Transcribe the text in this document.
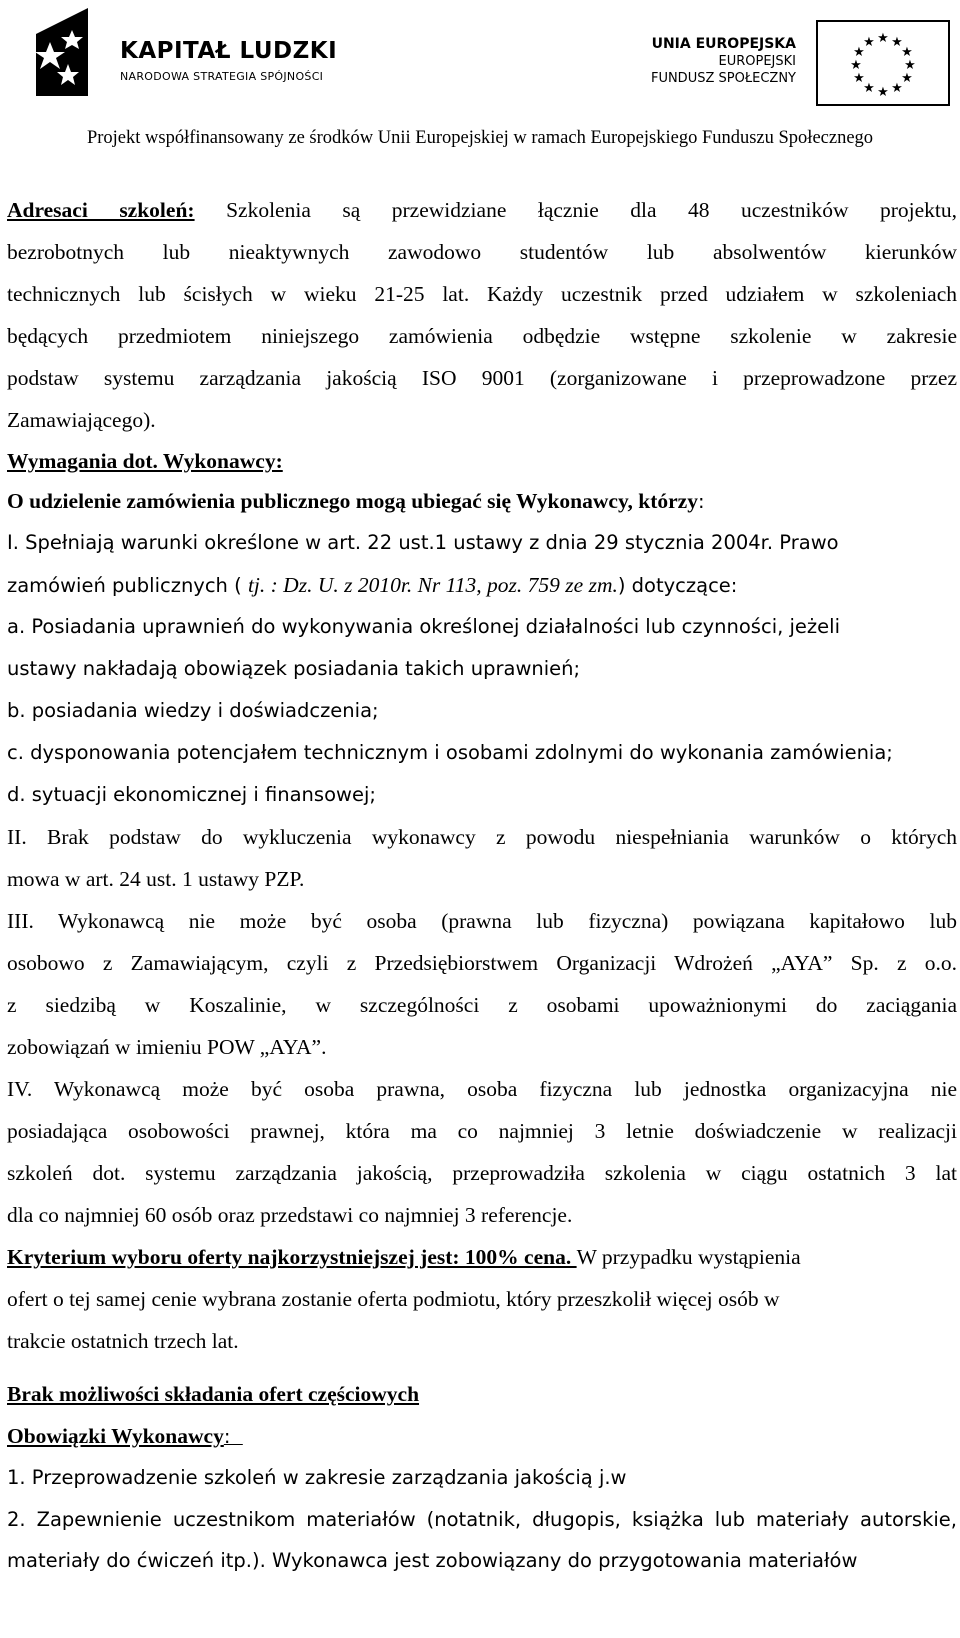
KAPITAŁ LUDZKI
NARODOWA STRATEGIA SPÓJNOŚCI
UNIA EUROPEJSKA
EUROPEJSKI
FUNDUSZ SPOŁECZNY
★ ★
★
★
★
★
★
★
★
★
★
★
Projekt współfinansowany ze środków Unii Europejskiej w ramach Europejskiego Funduszu Społecznego
Adresaci szkoleń: Szkolenia są przewidziane łącznie dla 48 uczestników projektu,
bezrobotnych lub nieaktywnych zawodowo studentów lub absolwentów kierunków
technicznych lub ścisłych w wieku 21-25 lat. Każdy uczestnik przed udziałem w szkoleniach
będących przedmiotem niniejszego zamówienia odbędzie wstępne szkolenie w zakresie
podstaw systemu zarządzania jakością ISO 9001 (zorganizowane i przeprowadzone przez
Zamawiającego).
Wymagania dot. Wykonawcy:
O udzielenie zamówienia publicznego mogą ubiegać się Wykonawcy, którzy:
I. Spełniają warunki określone w art. 22 ust.1 ustawy z dnia 29 stycznia 2004r. Prawo
zamówień publicznych ( tj. : Dz. U. z 2010r. Nr 113, poz. 759 ze zm.) dotyczące:
a. Posiadania uprawnień do wykonywania określonej działalności lub czynności, jeżeli
ustawy nakładają obowiązek posiadania takich uprawnień;
b. posiadania wiedzy i doświadczenia;
c. dysponowania potencjałem technicznym i osobami zdolnymi do wykonania zamówienia;
d. sytuacji ekonomicznej i finansowej;
II. Brak podstaw do wykluczenia wykonawcy z powodu niespełniania warunków o których
mowa w art. 24 ust. 1 ustawy PZP.
III. Wykonawcą nie może być osoba (prawna lub fizyczna) powiązana kapitałowo lub
osobowo z Zamawiającym, czyli z Przedsiębiorstwem Organizacji Wdrożeń „AYA” Sp. z o.o.
z siedzibą w Koszalinie, w szczególności z osobami upoważnionymi do zaciągania
zobowiązań w imieniu POW „AYA”.
IV. Wykonawcą może być osoba prawna, osoba fizyczna lub jednostka organizacyjna nie
posiadająca osobowości prawnej, która ma co najmniej 3 letnie doświadczenie w realizacji
szkoleń dot. systemu zarządzania jakością, przeprowadziła szkolenia w ciągu ostatnich 3 lat
dla co najmniej 60 osób oraz przedstawi co najmniej 3 referencje.
Kryterium wyboru oferty najkorzystniejszej jest: 100% cena. W przypadku wystąpienia
ofert o tej samej cenie wybrana zostanie oferta podmiotu, który przeszkolił więcej osób w
trakcie ostatnich trzech lat.
Brak możliwości składania ofert częściowych
Obowiązki Wykonawcy:
1. Przeprowadzenie szkoleń w zakresie zarządzania jakością j.w
2. Zapewnienie uczestnikom materiałów (notatnik, długopis, książka lub materiały autorskie,
materiały do ćwiczeń itp.). Wykonawca jest zobowiązany do przygotowania materiałów
